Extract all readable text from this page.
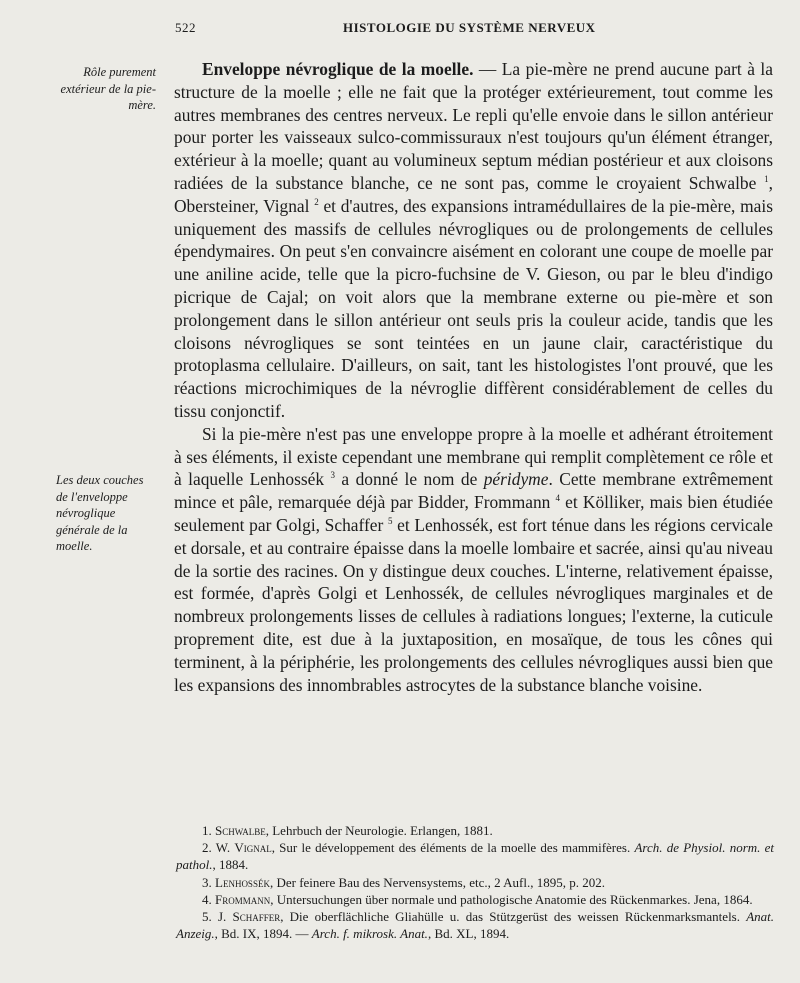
522	HISTOLOGIE DU SYSTÈME NERVEUX
Rôle purement extérieur de la pie-mère.
Les deux couches de l'enveloppe névroglique générale de la moelle.

Enveloppe névroglique de la moelle. — La pie-mère ne prend aucune part à la structure de la moelle ; elle ne fait que la protéger extérieurement, tout comme les autres membranes des centres nerveux. Le repli qu'elle envoie dans le sillon antérieur pour porter les vaisseaux sulco-commissuraux n'est toujours qu'un élément étranger, extérieur à la moelle; quant au volumineux septum médian postérieur et aux cloisons radiées de la substance blanche, ce ne sont pas, comme le croyaient Schwalbe $^1$, Obersteiner, Vignal $^2$ et d'autres, des expansions intramédullaires de la pie-mère, mais uniquement des massifs de cellules névrogliques ou de prolongements de cellules épendymaires. On peut s'en convaincre aisément en colorant une coupe de moelle par une aniline acide, telle que la picro-fuchsine de V. Gieson, ou par le bleu d'indigo picrique de Cajal; on voit alors que la membrane externe ou pie-mère et son prolongement dans le sillon antérieur ont seuls pris la couleur acide, tandis que les cloisons névrogliques se sont teintées en un jaune clair, caractéristique du protoplasma cellulaire. D'ailleurs, on sait, tant les histologistes l'ont prouvé, que les réactions microchimiques de la névroglie diffèrent considérablement de celles du tissu conjonctif.

Si la pie-mère n'est pas une enveloppe propre à la moelle et adhérant étroitement à ses éléments, il existe cependant une membrane qui remplit complètement ce rôle et à laquelle Lenhossék $^3$ a donné le nom de péridyme. Cette membrane extrêmement mince et pâle, remarquée déjà par Bidder, Frommann $^4$ et Kölliker, mais bien étudiée seulement par Golgi, Schaffer $^5$ et Lenhossék, est fort ténue dans les régions cervicale et dorsale, et au contraire épaisse dans la moelle lombaire et sacrée, ainsi qu'au niveau de la sortie des racines. On y distingue deux couches. L'interne, relativement épaisse, est formée, d'après Golgi et Lenhossék, de cellules névrogliques marginales et de nombreux prolongements lisses de cellules à radiations longues; l'externe, la cuticule proprement dite, est due à la juxtaposition, en mosaïque, de tous les cônes qui terminent, à la périphérie, les prolongements des cellules névrogliques aussi bien que les expansions des innombrables astrocytes de la substance blanche voisine.

1. Schwalbe, Lehrbuch der Neurologie. Erlangen, 1881.

2. W. Vignal, Sur le développement des éléments de la moelle des mammifères. Arch. de Physiol. norm. et pathol., 1884.

3. Lenhossék, Der feinere Bau des Nervensystems, etc., 2 Aufl., 1895, p. 202.

4. Frommann, Untersuchungen über normale und pathologische Anatomie des Rückenmarkes. Jena, 1864.

5. J. Schaffer, Die oberflächliche Gliahülle u. das Stützgerüst des weissen Rückenmarksmantels. Anat. Anzeig., Bd. IX, 1894. — Arch. f. mikrosk. Anat., Bd. XL, 1894.
